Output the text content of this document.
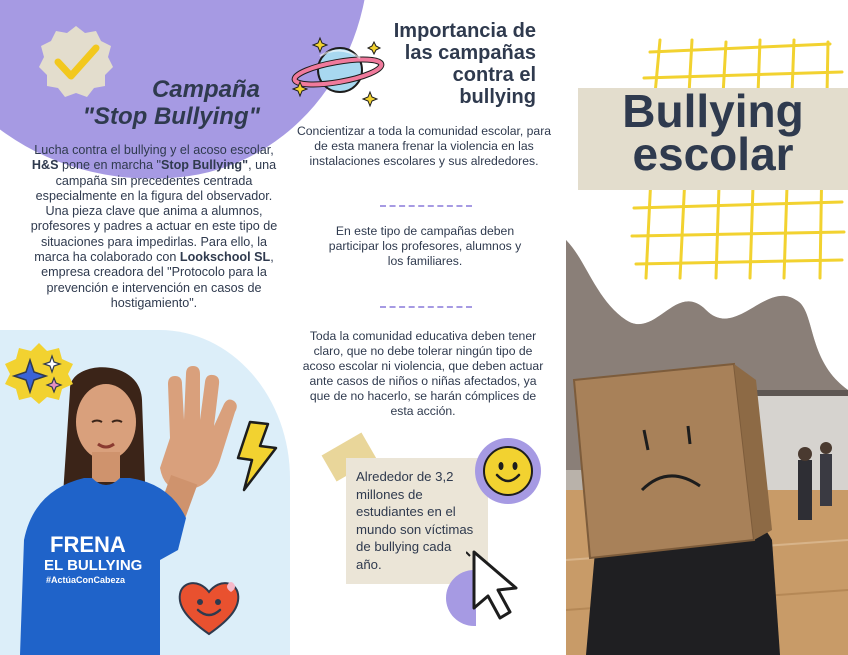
Campaña
"Stop Bullying"
Lucha contra el bullying y el acoso escolar, H&S pone en marcha "Stop Bullying", una campaña sin precedentes centrada especialmente en la figura del observador. Una pieza clave que anima a alumnos, profesores y padres a actuar en este tipo de situaciones para impedirlas. Para ello, la marca ha colaborado con Lookschool SL, empresa creadora del "Protocolo para la prevención e intervención en casos de hostigamiento".
FRENA
EL BULLYING
#ActúaConCabeza
Importancia de
las campañas
contra el
bullying

Concientizar a toda la comunidad escolar, para de esta manera frenar la violencia en las instalaciones escolares y sus alrededores.

En este tipo de campañas deben participar los profesores, alumnos y los familiares.

Toda la comunidad educativa deben tener claro, que no debe tolerar ningún tipo de acoso escolar ni violencia, que deben actuar ante casos de niños o niñas afectados, ya que de no hacerlo, se harán cómplices de esta acción.

Alrededor de 3,2 millones de estudiantes en el mundo son víctimas de bullying cada año.

Bullying
escolar
